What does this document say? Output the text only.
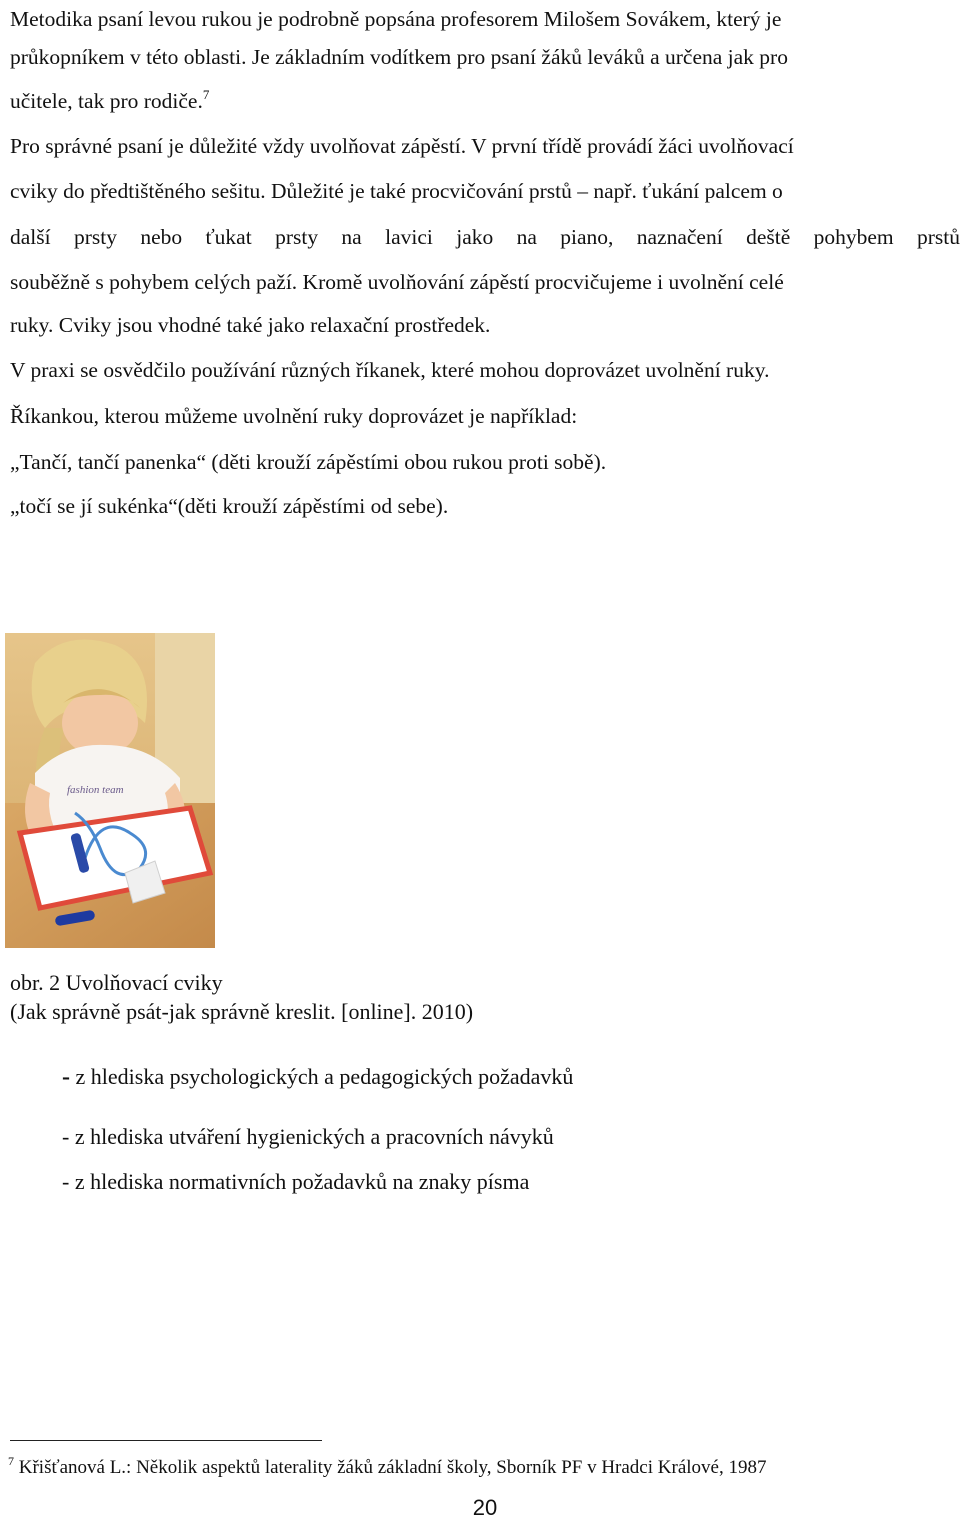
Metodika psaní levou rukou je podrobně popsána profesorem Milošem Sovákem, který je
průkopníkem v této oblasti. Je základním vodítkem pro psaní žáků leváků a určena jak pro
učitele, tak pro rodiče.$^7$
Pro správné psaní je důležité vždy uvolňovat zápěstí. V první třídě provádí žáci uvolňovací
cviky do předtištěného sešitu. Důležité je také procvičování prstů – např. ťukání palcem o
další prsty nebo ťukat prsty na lavici jako na piano, naznačení deště pohybem prstů
souběžně s pohybem celých paží. Kromě uvolňování zápěstí procvičujeme i uvolnění celé
ruky. Cviky jsou vhodné také jako relaxační prostředek.
V praxi se osvědčilo používání různých říkanek, které mohou doprovázet uvolnění ruky.
Říkankou, kterou můžeme uvolnění ruky doprovázet je například:
„Tančí, tančí panenka“ (děti krouží zápěstími obou rukou proti sobě).
„točí se jí sukénka“(děti krouží zápěstími od sebe).
fashion team
obr. 2 Uvolňovací cviky
(Jak správně psát-jak správně kreslit. [online]. 2010)
- z hlediska psychologických a pedagogických požadavků
- z hlediska utváření hygienických a pracovních návyků
- z hlediska normativních požadavků na znaky písma
$^7$ Křišťanová L.: Několik aspektů laterality žáků základní školy, Sborník PF v Hradci Králové, 1987
20
